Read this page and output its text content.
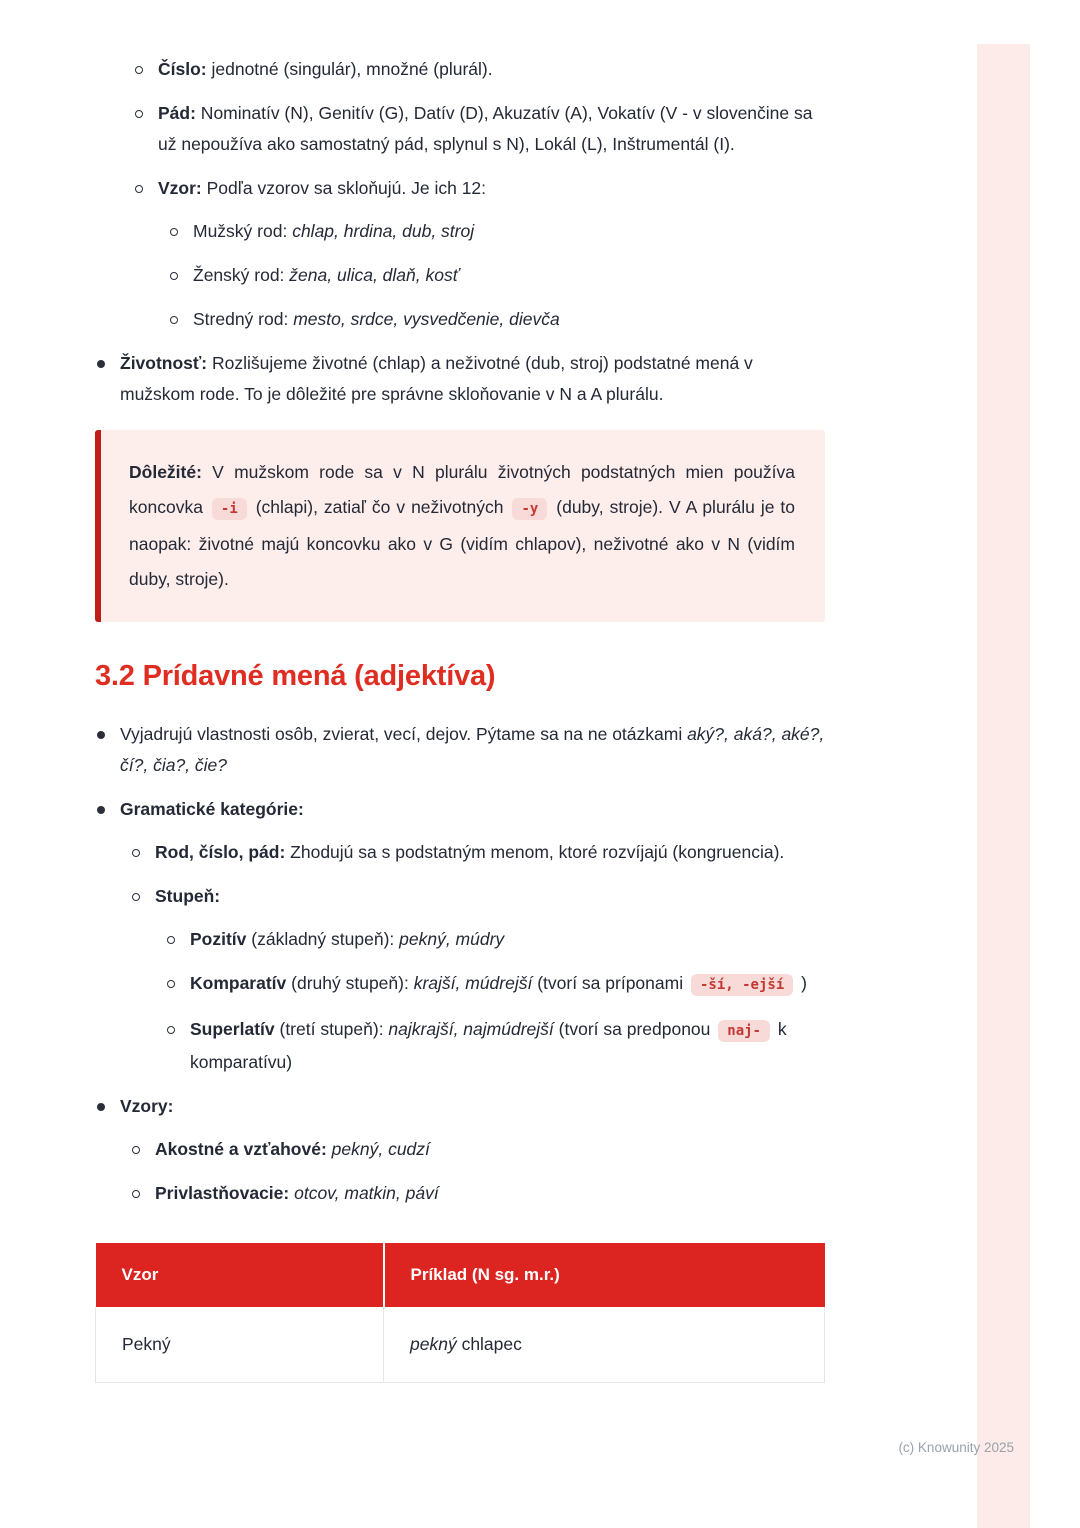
Číslo: jednotné (singulár), množné (plurál).
Pád: Nominatív (N), Genitív (G), Datív (D), Akuzatív (A), Vokatív (V - v slovenčine sa už nepoužíva ako samostatný pád, splynul s N), Lokál (L), Inštrumentál (I).
Vzor: Podľa vzorov sa skloňujú. Je ich 12:
Mužský rod: chlap, hrdina, dub, stroj
Ženský rod: žena, ulica, dlaň, kosť
Stredný rod: mesto, srdce, vysvedčenie, dievča
Životnosť: Rozlišujeme životné (chlap) a neživotné (dub, stroj) podstatné mená v mužskom rode. To je dôležité pre správne skloňovanie v N a A plurálu.

Dôležité: V mužskom rode sa v N plurálu životných podstatných mien používa koncovka -i (chlapi), zatiaľ čo v neživotných -y (duby, stroje). V A plurálu je to naopak: životné majú koncovku ako v G (vidím chlapov), neživotné ako v N (vidím duby, stroje).

3.2 Prídavné mená (adjektíva)
Vyjadrujú vlastnosti osôb, zvierat, vecí, dejov. Pýtame sa na ne otázkami aký?, aká?, aké?, čí?, čia?, čie?
Gramatické kategórie:
Rod, číslo, pád: Zhodujú sa s podstatným menom, ktoré rozvíjajú (kongruencia).
Stupeň:
Pozitív (základný stupeň): pekný, múdry
Komparatív (druhý stupeň): krajší, múdrejší (tvorí sa príponami -ší, -ejší )
Superlatív (tretí stupeň): najkrajší, najmúdrejší (tvorí sa predponou naj- k komparatívu)
Vzory:
Akostné a vzťahové: pekný, cudzí
Privlastňovacie: otcov, matkin, páví
Vzor	Príklad (N sg. m.r.)
Pekný	pekný chlapec
(c) Knowunity 2025
